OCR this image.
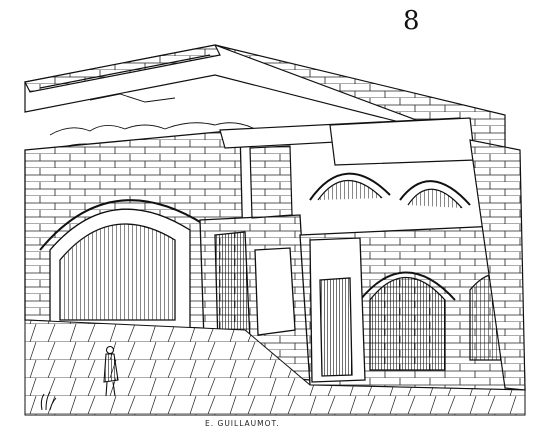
8
E. GUILLAUMOT.
